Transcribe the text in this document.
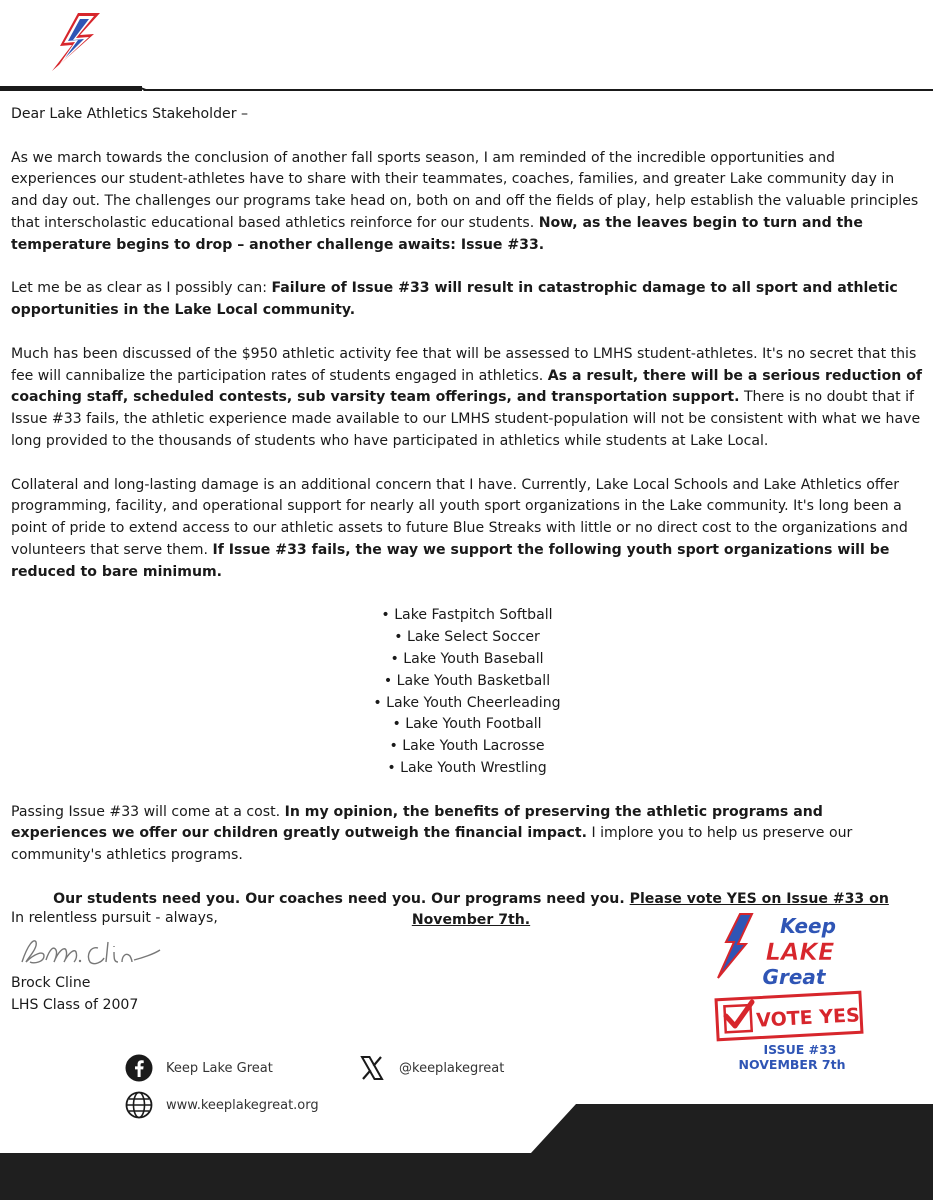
Dear Lake Athletics Stakeholder –

As we march towards the conclusion of another fall sports season, I am reminded of the incredible opportunities and experiences our student-athletes have to share with their teammates, coaches, families, and greater Lake community day in and day out. The challenges our programs take head on, both on and off the fields of play, help establish the valuable principles that interscholastic educational based athletics reinforce for our students. Now, as the leaves begin to turn and the temperature begins to drop – another challenge awaits: Issue #33.

Let me be as clear as I possibly can: Failure of Issue #33 will result in catastrophic damage to all sport and athletic opportunities in the Lake Local community.

Much has been discussed of the $950 athletic activity fee that will be assessed to LMHS student-athletes. It's no secret that this fee will cannibalize the participation rates of students engaged in athletics. As a result, there will be a serious reduction of coaching staff, scheduled contests, sub varsity team offerings, and transportation support. There is no doubt that if Issue #33 fails, the athletic experience made available to our LMHS student-population will not be consistent with what we have long provided to the thousands of students who have participated in athletics while students at Lake Local.

Collateral and long-lasting damage is an additional concern that I have. Currently, Lake Local Schools and Lake Athletics offer programming, facility, and operational support for nearly all youth sport organizations in the Lake community. It's long been a point of pride to extend access to our athletic assets to future Blue Streaks with little or no direct cost to the organizations and volunteers that serve them. If Issue #33 fails, the way we support the following youth sport organizations will be reduced to bare minimum.

• Lake Fastpitch Softball
• Lake Select Soccer
• Lake Youth Baseball
• Lake Youth Basketball
• Lake Youth Cheerleading
• Lake Youth Football
• Lake Youth Lacrosse
• Lake Youth Wrestling

Passing Issue #33 will come at a cost. In my opinion, the benefits of preserving the athletic programs and experiences we offer our children greatly outweigh the financial impact. I implore you to help us preserve our community's athletics programs.

Our students need you. Our coaches need you. Our programs need you. Please vote YES on Issue #33 on November 7th.

In relentless pursuit - always,
Brock Cline
LHS Class of 2007
Keep Lake Great	@keeplakegreat
www.keeplakegreat.org
Keep
LAKE
Great
VOTE YES
ISSUE #33
NOVEMBER 7th
